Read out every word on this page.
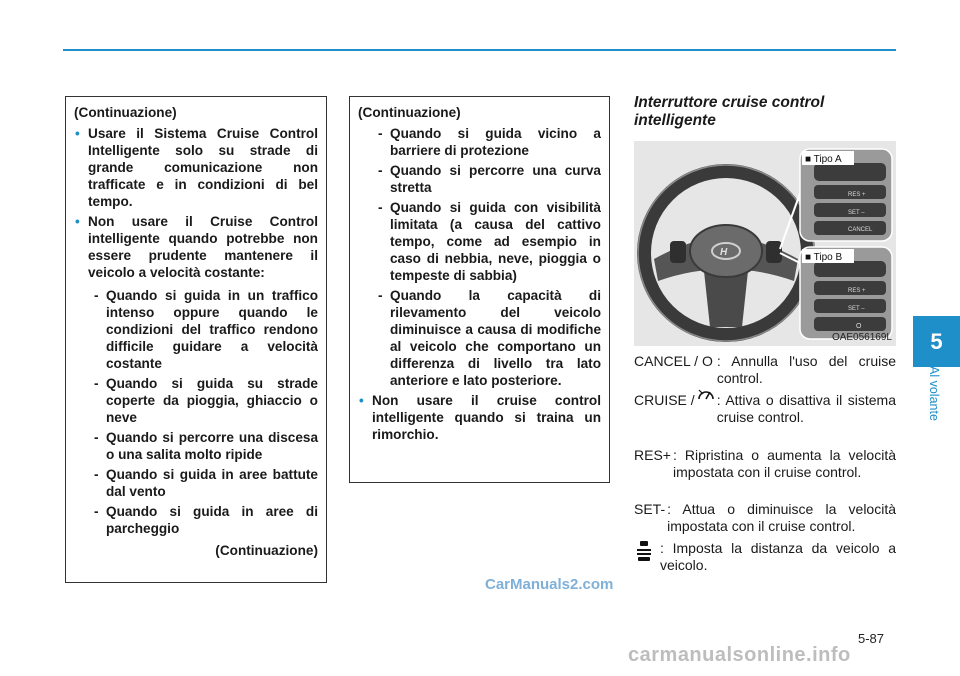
(Continuazione)
• Usare il Sistema Cruise Control Intelligente solo su strade di grande comunicazione non trafficate e in condizioni di bel tempo.
• Non usare il Cruise Control intelligente quando potrebbe non essere prudente mantenere il veicolo a velocità costante:
- Quando si guida in un traffico intenso oppure quando le condizioni del traffico rendono difficile guidare a velocità costante
- Quando si guida su strade coperte da pioggia, ghiaccio o neve
- Quando si percorre una discesa o una salita molto ripide
- Quando si guida in aree battute dal vento
- Quando si guida in aree di parcheggio
(Continuazione)
(Continuazione)
- Quando si guida vicino a barriere di protezione
- Quando si percorre una curva stretta
- Quando si guida con visibilità limitata (a causa del cattivo tempo, come ad esempio in caso di nebbia, neve, pioggia o tempeste di sabbia)
- Quando la capacità di rilevamento del veicolo diminuisce a causa di modifiche al veicolo che comportano un differenza di livello tra lato anteriore e lato posteriore.
• Non usare il cruise control intelligente quando si traina un rimorchio.

Interruttore cruise control intelligente

H
RES +
SET –
CANCEL
RES +
SET –
O
■ Tipo A
■ Tipo B
OAE056169L
CANCEL / O : Annulla l'uso del cruise control.
CRUISE / : Attiva o disattiva il sistema cruise control.
RES+ : Ripristina o aumenta la velocità impostata con il cruise control.
SET- : Attua o diminuisce la velocità impostata con il cruise control.
: Imposta la distanza da veicolo a veicolo.
5
Al volante
5-87
CarManuals2.com
carmanualsonline.info
